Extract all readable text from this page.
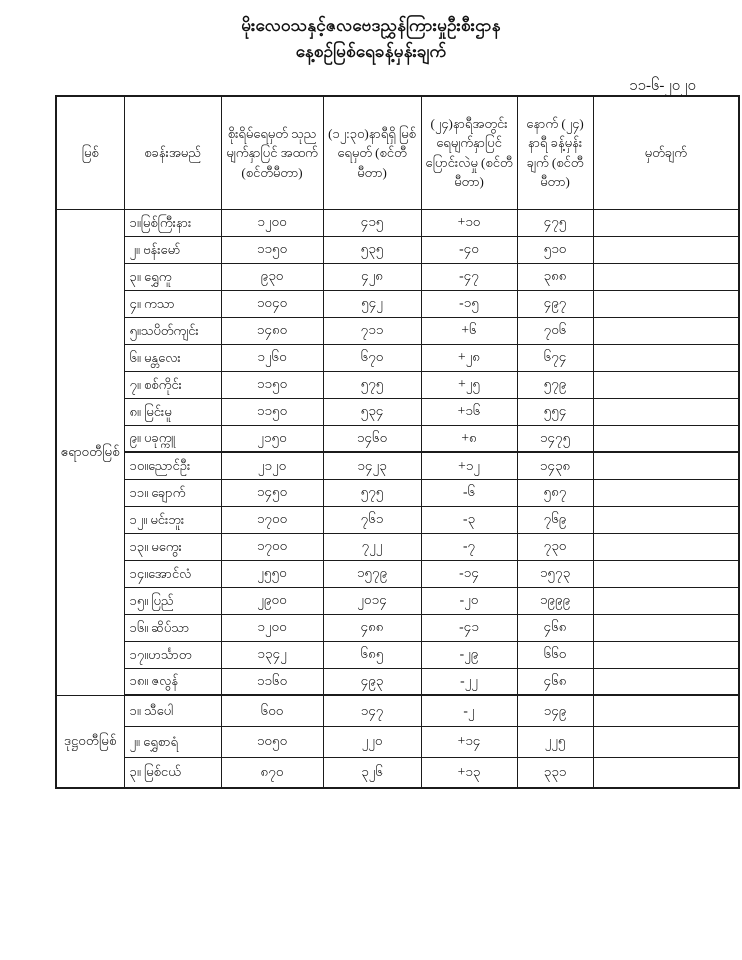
မိုးလေဝသနှင့်ဇလဗေဒညွှန်ကြားမှုဦးစီးဌာန
နေ့စဉ်မြစ်ရေခန့်မှန်းချက်
၁၁-၆-၂၀၂၀
မြစ်	စခန်းအမည်	စိုးရိမ်ရေမှတ် သုညမျက်နှာပြင် အထက် (စင်တီမီတာ)	(၁၂:၃၀)နာရီရှိ မြစ်ရေမှတ် (စင်တီမီတာ)	(၂၄)နာရီအတွင်း ရေမျက်နှာပြင် ပြောင်းလဲမှု (စင်တီမီတာ)	နောက် (၂၄) နာရီ ခန့်မှန်းချက် (စင်တီမီတာ)	မှတ်ချက်
ဧရာဝတီမြစ်	၁။မြစ်ကြီးနား	၁၂၀၀	၄၁၅	+၁၀	၄၇၅	
	၂။ ဗန်းမော်	၁၁၅၀	၅၃၅	-၄၀	၅၁၀	
	၃။ ရွှေကူ	၉၃၀	၄၂၈	-၄၇	၃၈၈	
	၄။ ကသာ	၁၀၄၀	၅၄၂	-၁၅	၄၉၇	
	၅။သပိတ်ကျင်း	၁၄၈၀	၇၁၁	+၆	၇၀၆	
	၆။ မန္တလေး	၁၂၆၀	၆၇၀	+၂၈	၆၇၄	
	၇။ စစ်ကိုင်း	၁၁၅၀	၅၇၅	+၂၅	၅၇၉	
	၈။ မြင်းမူ	၁၁၅၀	၅၃၄	+၁၆	၅၅၄	
	၉။ ပခုက္ကူ	၂၁၅၀	၁၄၆၀	+၈	၁၄၇၅	
	၁၀။ညောင်ဦး	၂၁၂၀	၁၄၂၃	+၁၂	၁၄၃၈	
	၁၁။ ချောက်	၁၄၅၀	၅၇၅	-၆	၅၈၇	
	၁၂။ မင်းဘူး	၁၇၀၀	၇၆၁	-၃	၇၆၉	
	၁၃။ မကွေး	၁၇၀၀	၇၂၂	-၇	၇၃၀	
	၁၄။အောင်လံ	၂၅၅၀	၁၅၇၉	-၁၄	၁၅၇၃	
	၁၅။ ပြည်	၂၉၀၀	၂၀၁၄	-၂၀	၁၉၉၉	
	၁၆။ ဆိပ်သာ	၁၂၀၀	၄၈၈	-၄၁	၄၆၈	
	၁၇။ဟင်္သာတ	၁၃၄၂	၆၈၅	-၂၉	၆၆၀	
	၁၈။ ဇလွန်	၁၁၆၀	၄၉၃	-၂၂	၄၆၈	
ဒုဋ္ဌဝတီမြစ်	၁။ သီပေါ	၆၀၀	၁၄၇	-၂	၁၄၉	
	၂။ ရွှေစာရံ	၁၀၅၀	၂၂၀	+၁၄	၂၂၅	
	၃။ မြစ်ငယ်	၈၇၀	၃၂၆	+၁၃	၃၃၁	
